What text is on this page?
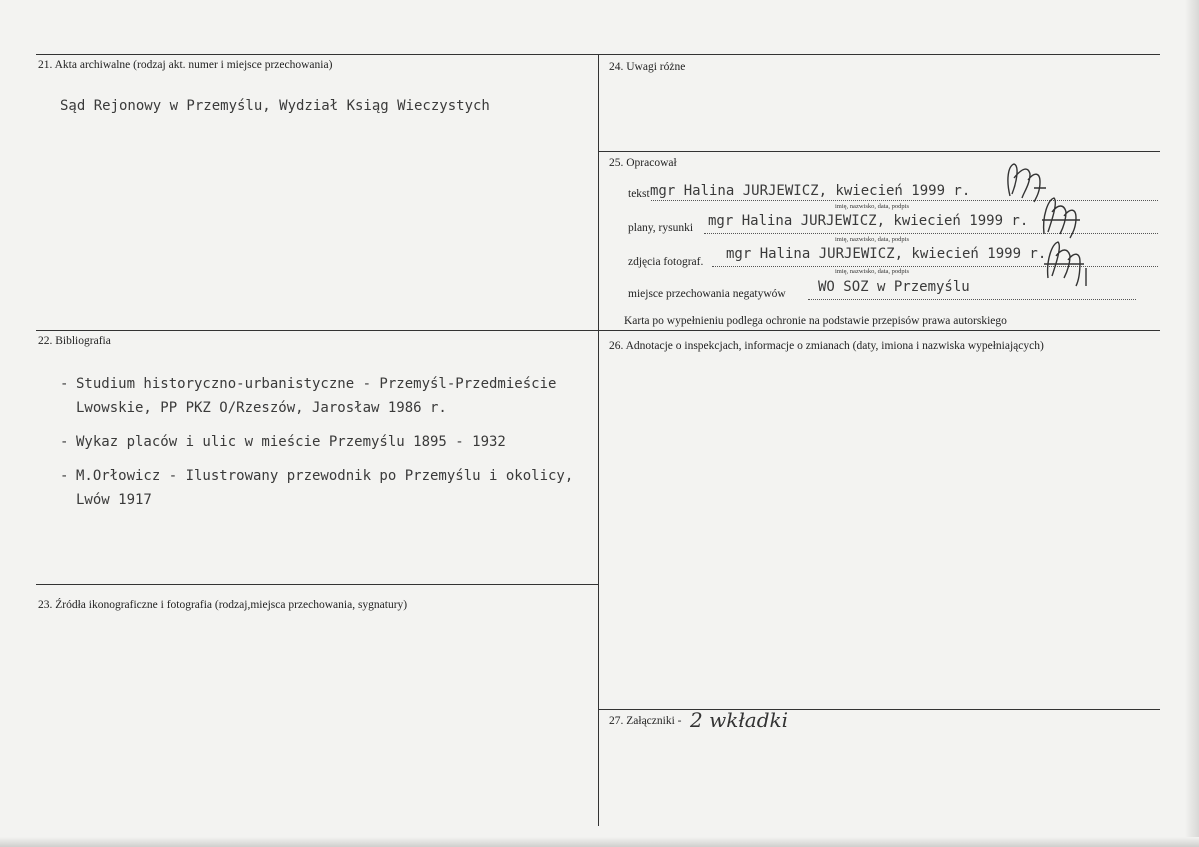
21. Akta archiwalne (rodzaj akt. numer i miejsce przechowania)
Sąd Rejonowy w Przemyślu, Wydział Ksiąg Wieczystych
22. Bibliografia
- Studium historyczno-urbanistyczne - Przemyśl-Przedmieście
Lwowskie, PP PKZ O/Rzeszów, Jarosław 1986 r.
- Wykaz placów i ulic w mieście Przemyślu 1895 - 1932
- M.Orłowicz - Ilustrowany przewodnik po Przemyślu i okolicy,
Lwów 1917
23. Źródła ikonograficzne i fotografia (rodzaj,miejsca przechowania, sygnatury)
24. Uwagi różne
25. Opracował
tekst mgr Halina JURJEWICZ, kwiecień 1999 r.
imię, nazwisko, data, podpis
plany, rysunki mgr Halina JURJEWICZ, kwiecień 1999 r.
imię, nazwisko, data, podpis
zdjęcia fotograf. mgr Halina JURJEWICZ, kwiecień 1999 r.
imię, nazwisko, data, podpis
miejsce przechowania negatywów WO SOZ w Przemyślu
Karta po wypełnieniu podlega ochronie na podstawie przepisów prawa autorskiego
26. Adnotacje o inspekcjach, informacje o zmianach (daty, imiona i nazwiska wypełniających)
27. Załączniki - 2 wkładki
